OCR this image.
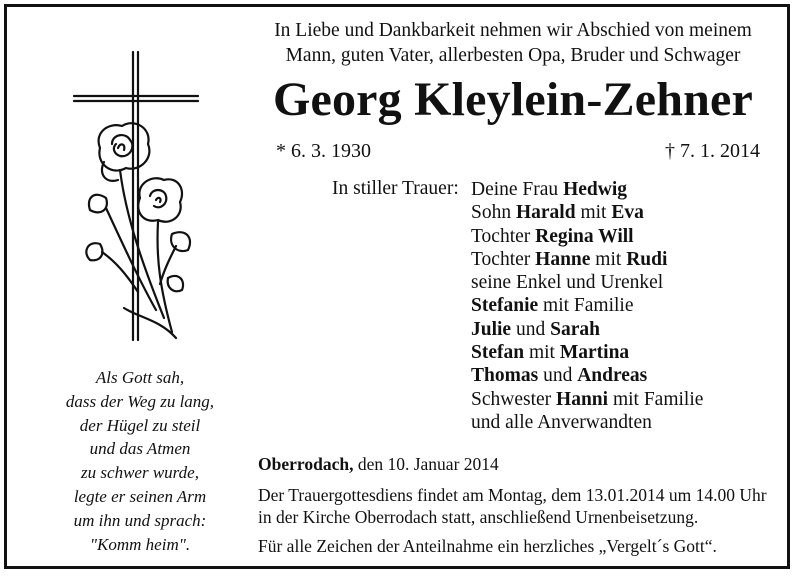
In Liebe und Dankbarkeit nehmen wir Abschied von meinem
Mann, guten Vater, allerbesten Opa, Bruder und Schwager
Georg Kleylein-Zehner
* 6. 3. 1930	† 7. 1. 2014
In stiller Trauer: Deine Frau Hedwig
Sohn Harald mit Eva
Tochter Regina Will
Tochter Hanne mit Rudi
seine Enkel und Urenkel
Stefanie mit Familie
Julie und Sarah
Stefan mit Martina
Thomas und Andreas
Schwester Hanni mit Familie
und alle Anverwandten
Als Gott sah,
dass der Weg zu lang,
der Hügel zu steil
und das Atmen
zu schwer wurde,
legte er seinen Arm
um ihn und sprach:
"Komm heim".
Oberrodach, den 10. Januar 2014
Der Trauergottesdiens findet am Montag, dem 13.01.2014 um 14.00 Uhr
in der Kirche Oberrodach statt, anschließend Urnenbeisetzung.
Für alle Zeichen der Anteilnahme ein herzliches „Vergelt´s Gott“.
